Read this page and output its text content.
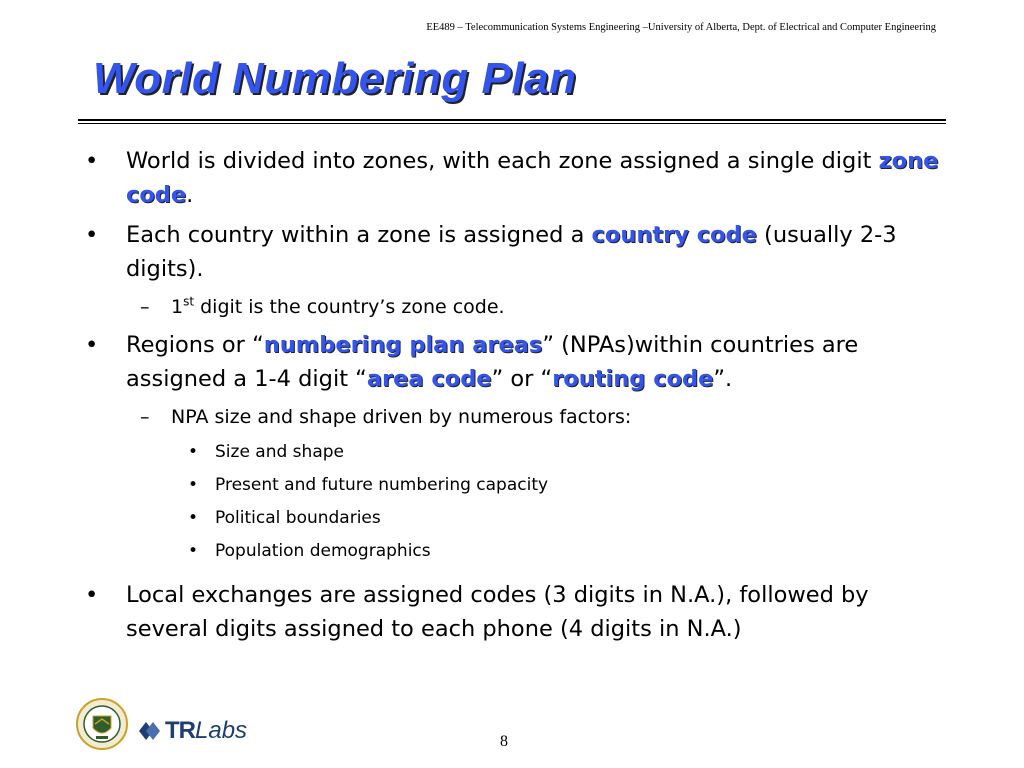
EE489 – Telecommunication Systems Engineering –University of Alberta, Dept. of Electrical and Computer Engineering
World Numbering Plan
• World is divided into zones, with each zone assigned a single digit zone code.
• Each country within a zone is assigned a country code (usually 2-3 digits).
– 1st digit is the country’s zone code.
• Regions or “numbering plan areas” (NPAs)within countries are assigned a 1-4 digit “area code” or “routing code”.
– NPA size and shape driven by numerous factors:
• Size and shape
• Present and future numbering capacity
• Political boundaries
• Population demographics
• Local exchanges are assigned codes (3 digits in N.A.), followed by several digits assigned to each phone (4 digits in N.A.)
TR Labs	8
